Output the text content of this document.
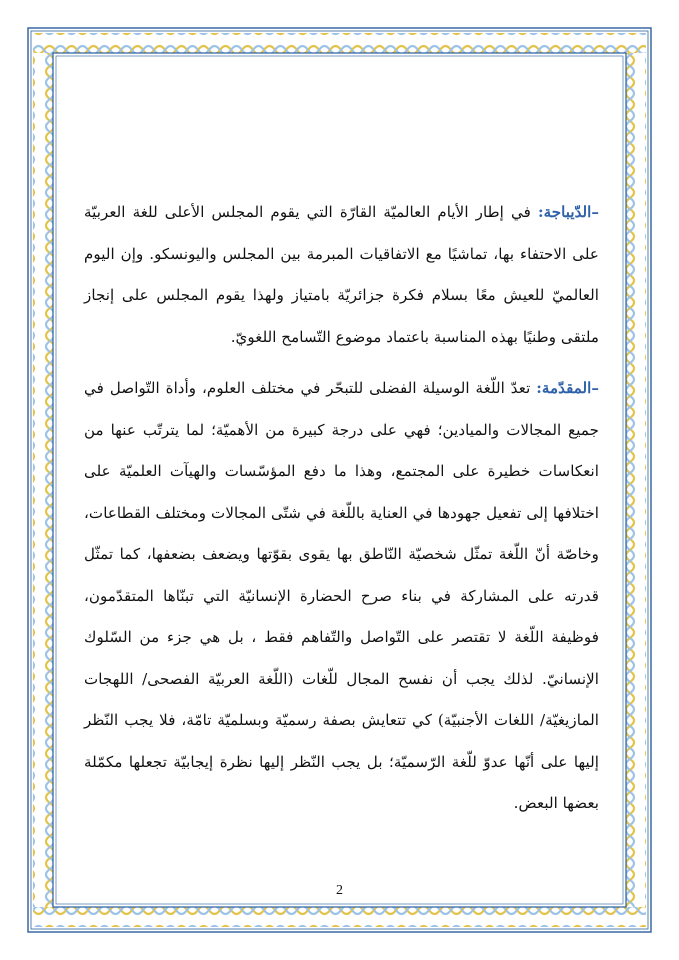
–الدّيباجة: في إطار الأيام العالميّة القارّة التي يقوم المجلس الأعلى للغة العربيّة على الاحتفاء بها، تماشيًا مع الاتفاقيات المبرمة بين المجلس واليونسكو. وإن اليوم العالميّ للعيش معًا بسلام فكرة جزائريّة بامتياز ولهذا يقوم المجلس على إنجاز ملتقى وطنيًا بهذه المناسبة باعتماد موضوع التّسامح اللغويّ.

–المقدّمة: تعدّ اللّغة الوسيلة الفضلى للتبحّر في مختلف العلوم، وأداة التّواصل في جميع المجالات والميادين؛ فهي على درجة كبيرة من الأهميّة؛ لما يترتّب عنها من انعكاسات خطيرة على المجتمع، وهذا ما دفع المؤسّسات والهيآت العلميّة على اختلافها إلى تفعيل جهودها في العناية باللّغة في شتّى المجالات ومختلف القطاعات، وخاصّة أنّ اللّغة تمثّل شخصيّة النّاطق بها يقوى بقوّتها ويضعف بضعفها، كما تمثّل قدرته على المشاركة في بناء صرح الحضارة الإنسانيّة التي تبنّاها المتقدّمون، فوظيفة اللّغة لا تقتصر على التّواصل والتّفاهم فقط ، بل هي جزء من السّلوك الإنسانيّ. لذلك يجب أن نفسح المجال للّغات (اللّغة العربيّة الفصحى/ اللهجات المازيغيّة/ اللغات الأجنبيّة) كي تتعايش بصفة رسميّة وبسلميّة تامّة، فلا يجب النّظر إليها على أنّها عدوّ للّغة الرّسميّة؛ بل يجب النّظر إليها نظرة إيجابيّة تجعلها مكمّلة بعضها البعض.

2
